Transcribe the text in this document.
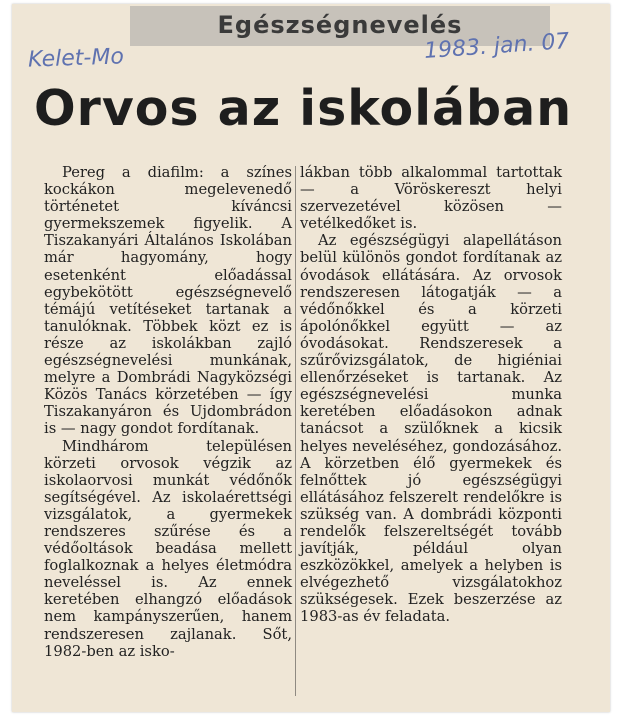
Egészségnevelés
Kelet-Mo	1983. jan. 07
Orvos az iskolában

Pereg a diafilm: a színes kockákon megelevenedő történetet kíváncsi gyermekszemek figyelik. A Tiszakanyári Általános Iskolában már hagyomány, hogy esetenként előadással egybekötött egészségnevelő témájú vetítéseket tartanak a tanulóknak. Többek közt ez is része az iskolákban zajló egészségnevelési munkának, melyre a Dombrádi Nagyközségi Közös Tanács körzetében — így Tiszakanyáron és Ujdombrádon is — nagy gondot fordítanak.

Mindhárom településen körzeti orvosok végzik az iskolaorvosi munkát védőnők segítségével. Az iskolaérettségi vizsgálatok, a gyermekek rendszeres szűrése és a védőoltások beadása mellett foglalkoznak a helyes életmódra neveléssel is. Az ennek keretében elhangzó előadások nem kampányszerűen, hanem rendszeresen zajlanak. Sőt, 1982-ben az isko-

lákban több alkalommal tartottak — a Vöröskereszt helyi szervezetével közösen — vetélkedőket is.

Az egészségügyi alapellátáson belül különös gondot fordítanak az óvodások ellátására. Az orvosok rendszeresen látogatják — a védőnőkkel és a körzeti ápolónőkkel együtt — az óvodásokat. Rendszeresek a szűrővizsgálatok, de higiéniai ellenőrzéseket is tartanak. Az egészségnevelési munka keretében előadásokon adnak tanácsot a szülőknek a kicsik helyes neveléséhez, gondozásához. A körzetben élő gyermekek és felnőttek jó egészségügyi ellátásához felszerelt rendelőkre is szükség van. A dombrádi központi rendelők felszereltségét tovább javítják, például olyan eszközökkel, amelyek a helyben is elvégezhető vizsgálatokhoz szükségesek. Ezek beszerzése az 1983-as év feladata.
